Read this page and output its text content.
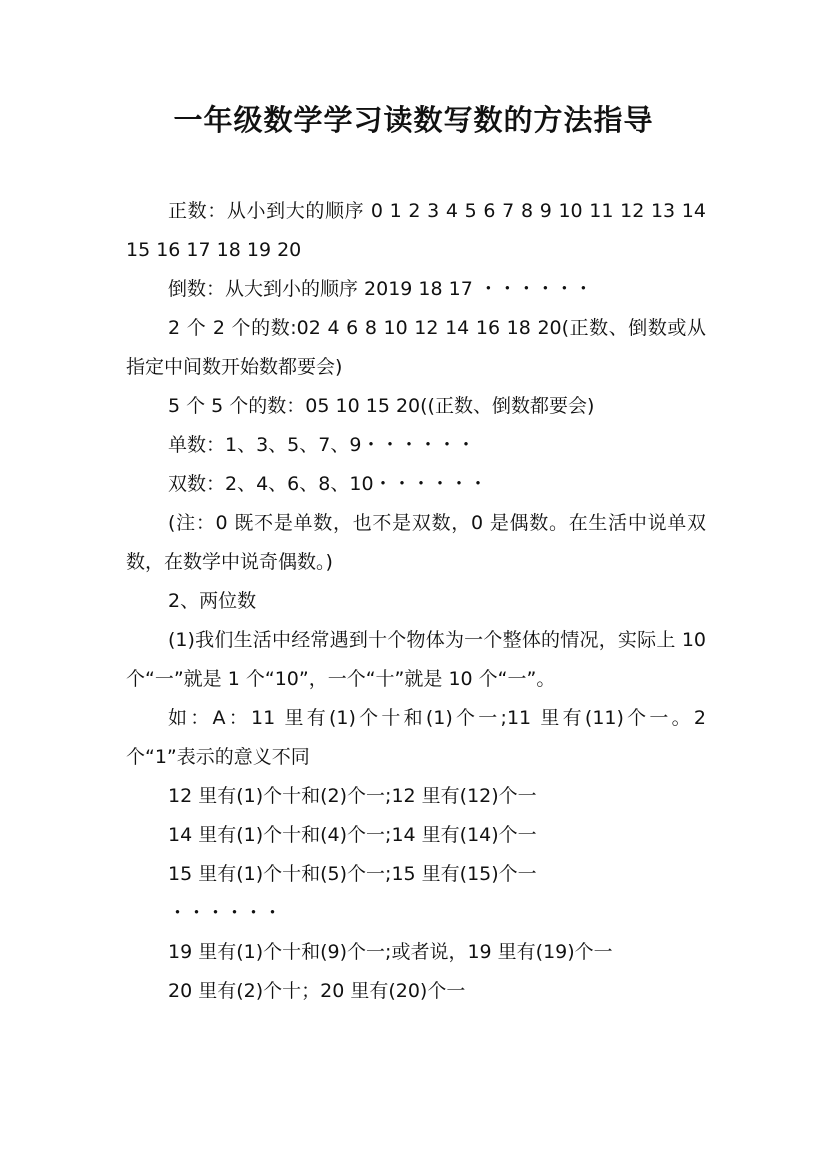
一年级数学学习读数写数的方法指导

正数：从小到大的顺序 0 1 2 3 4 5 6 7 8 9 10 11 12 13 14 15 16 17 18 19 20

倒数：从大到小的顺序 2019 18 17 ・・・・・・

2 个 2 个的数:02 4 6 8 10 12 14 16 18 20(正数、倒数或从指定中间数开始数都要会)

5 个 5 个的数：05 10 15 20((正数、倒数都要会)

单数：1、3、5、7、9・・・・・・

双数：2、4、6、8、10・・・・・・

(注：0 既不是单数，也不是双数，0 是偶数。在生活中说单双数，在数学中说奇偶数。)

2、两位数

(1)我们生活中经常遇到十个物体为一个整体的情况，实际上 10 个“一”就是 1 个“10”，一个“十”就是 10 个“一”。

如：A：11 里有(1)个十和(1)个一;11 里有(11)个一。2 个“1”表示的意义不同

12 里有(1)个十和(2)个一;12 里有(12)个一

14 里有(1)个十和(4)个一;14 里有(14)个一

15 里有(1)个十和(5)个一;15 里有(15)个一

・・・・・・

19 里有(1)个十和(9)个一;或者说，19 里有(19)个一

20 里有(2)个十；20 里有(20)个一
